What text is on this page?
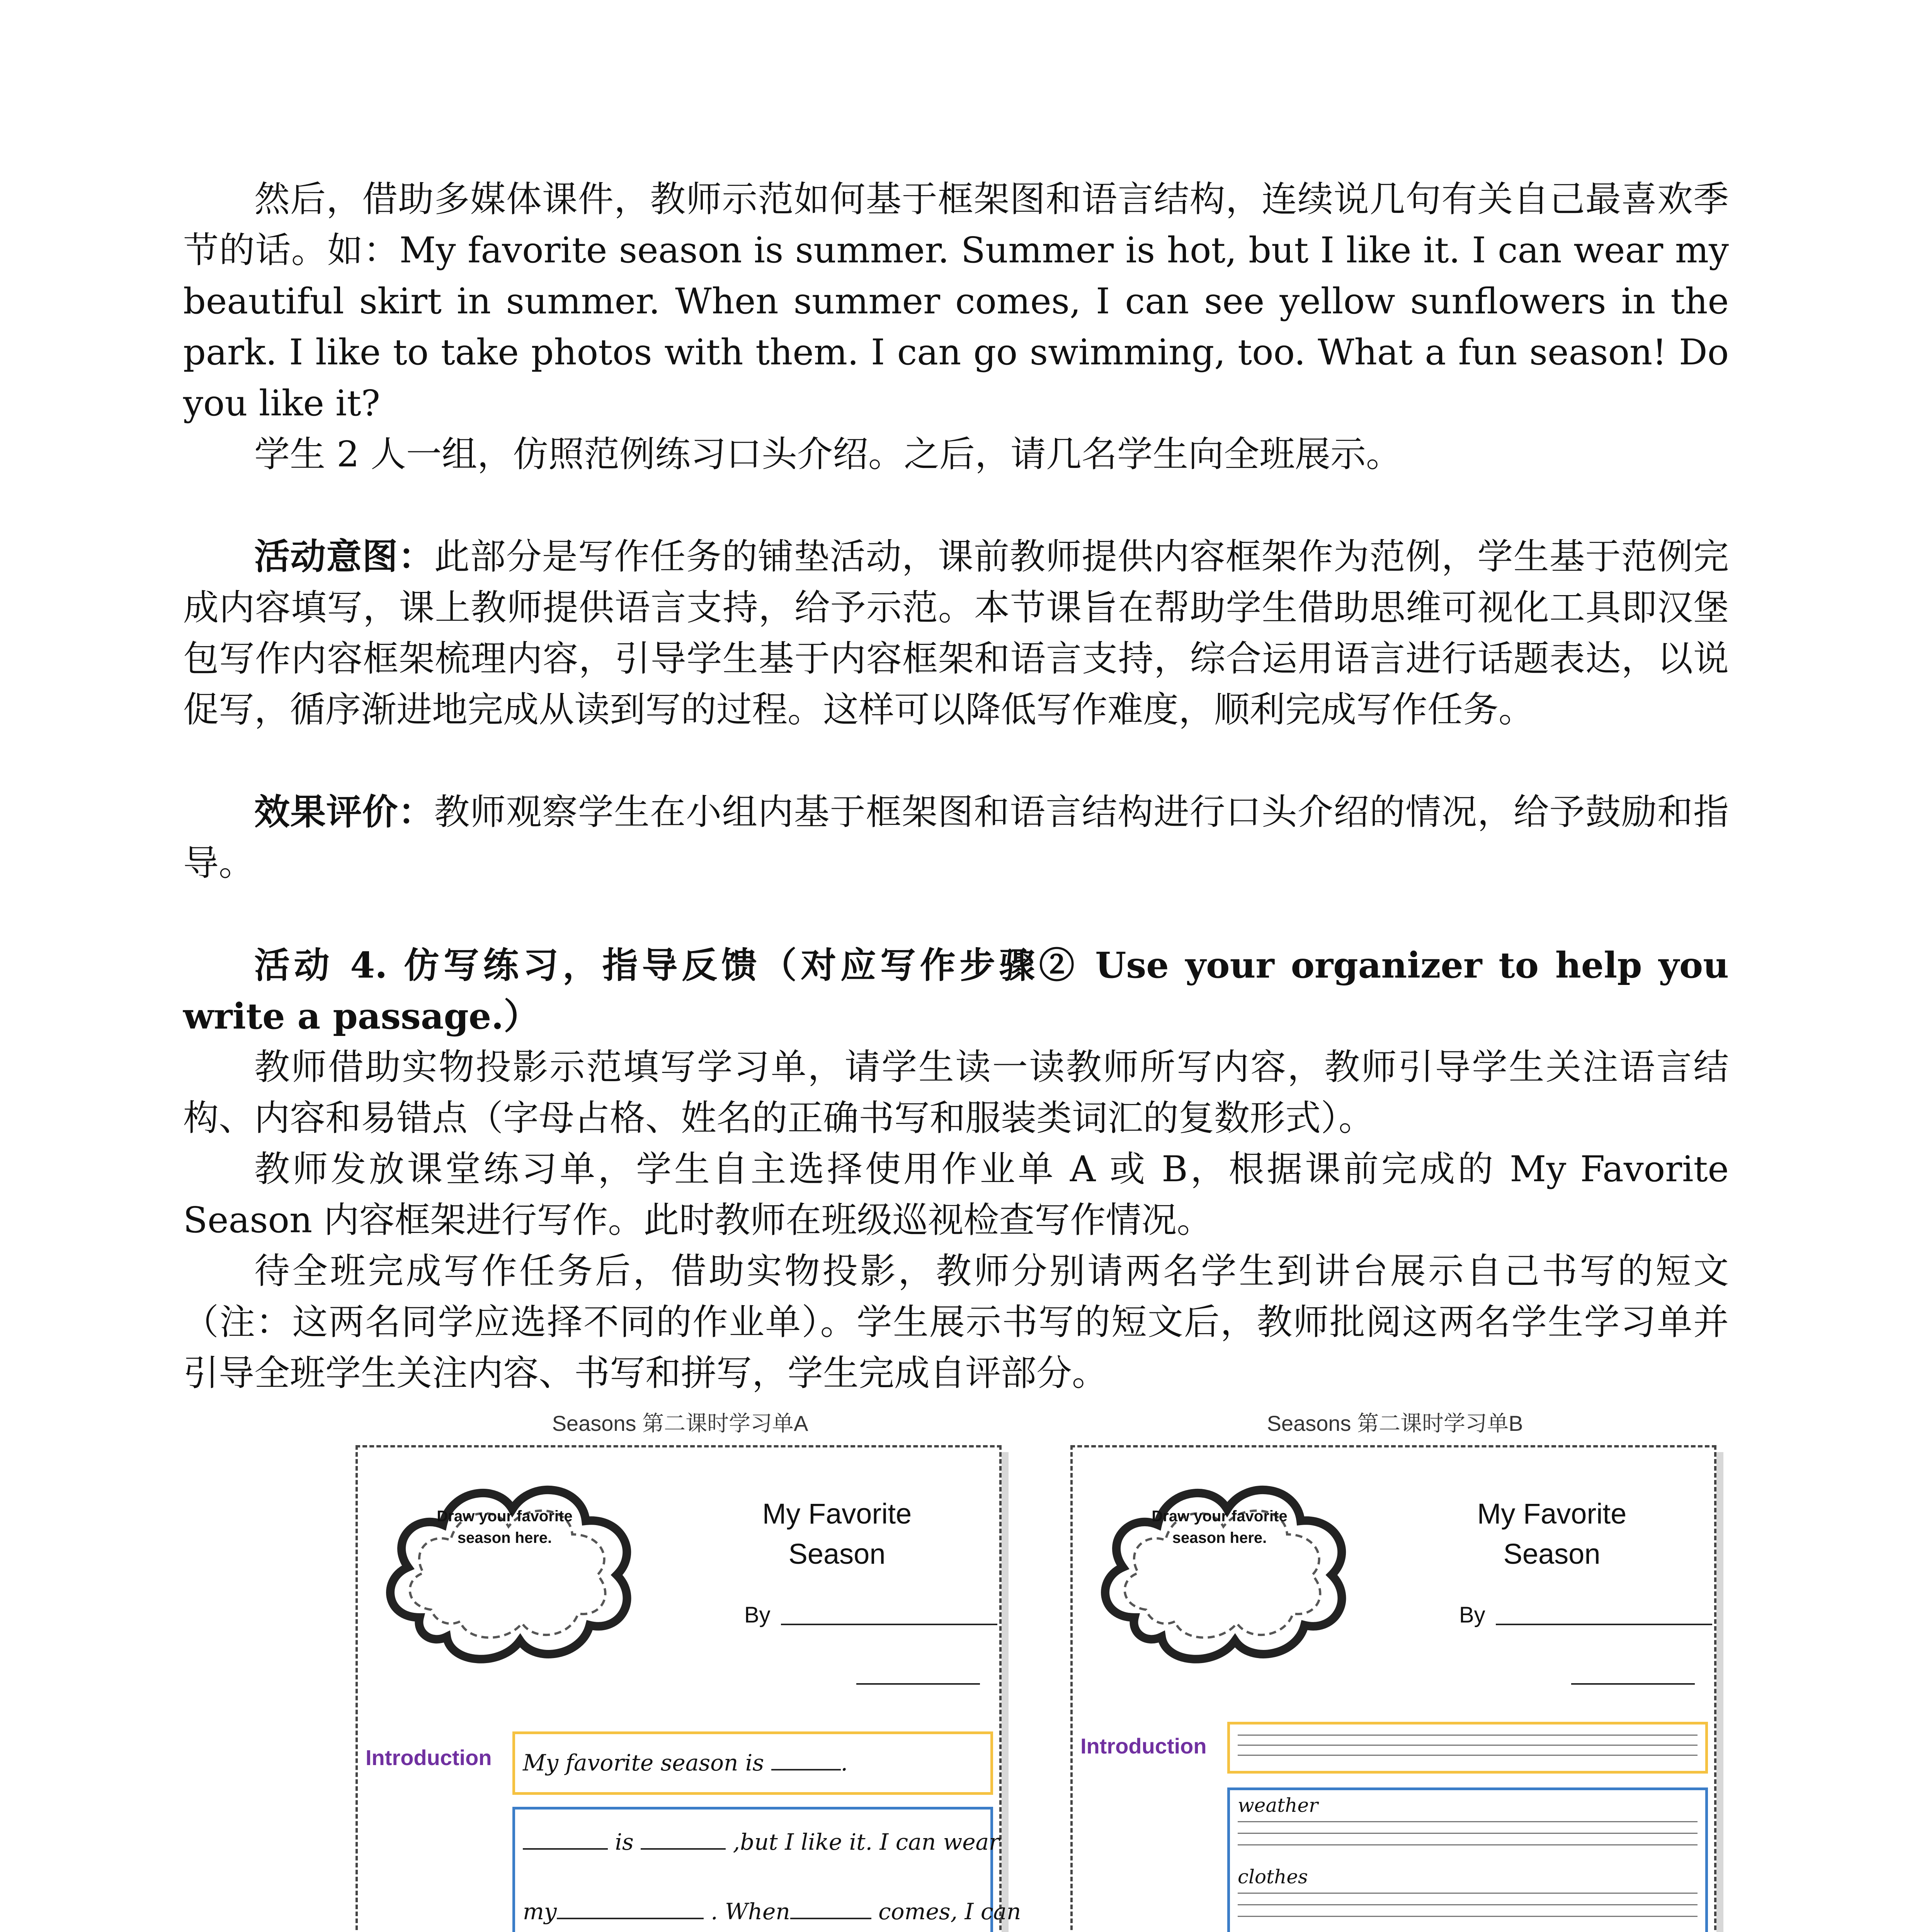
然后，借助多媒体课件，教师示范如何基于框架图和语言结构，连续说几句有关自己最喜欢季节的话。如：My favorite season is summer. Summer is hot, but I like it. I can wear my beautiful skirt in summer. When summer comes, I can see yellow sunflowers in the park. I like to take photos with them. I can go swimming, too. What a fun season! Do you like it?

学生 2 人一组，仿照范例练习口头介绍。之后，请几名学生向全班展示。

活动意图：此部分是写作任务的铺垫活动，课前教师提供内容框架作为范例，学生基于范例完成内容填写，课上教师提供语言支持，给予示范。本节课旨在帮助学生借助思维可视化工具即汉堡包写作内容框架梳理内容，引导学生基于内容框架和语言支持，综合运用语言进行话题表达，以说促写，循序渐进地完成从读到写的过程。这样可以降低写作难度，顺利完成写作任务。

效果评价：教师观察学生在小组内基于框架图和语言结构进行口头介绍的情况，给予鼓励和指导。

活动 4. 仿写练习，指导反馈（对应写作步骤② Use your organizer to help you write a passage.）

教师借助实物投影示范填写学习单，请学生读一读教师所写内容，教师引导学生关注语言结构、内容和易错点（字母占格、姓名的正确书写和服装类词汇的复数形式）。

教师发放课堂练习单，学生自主选择使用作业单 A 或 B，根据课前完成的 My Favorite Season 内容框架进行写作。此时教师在班级巡视检查写作情况。

待全班完成写作任务后，借助实物投影，教师分别请两名学生到讲台展示自己书写的短文（注：这两名同学应选择不同的作业单）。学生展示书写的短文后，教师批阅这两名学生学习单并引导全班学生关注内容、书写和拼写，学生完成自评部分。

Seasons 第二课时学习单A
Draw your favorite season here.
My Favorite
Season
By
Introduction My favorite season is	.
is	,but I like it. I can wear
my	. When	comes, I can

Seasons 第二课时学习单B
Draw your favorite season here.
My Favorite
Season
By
Introduction
weather
clothes
